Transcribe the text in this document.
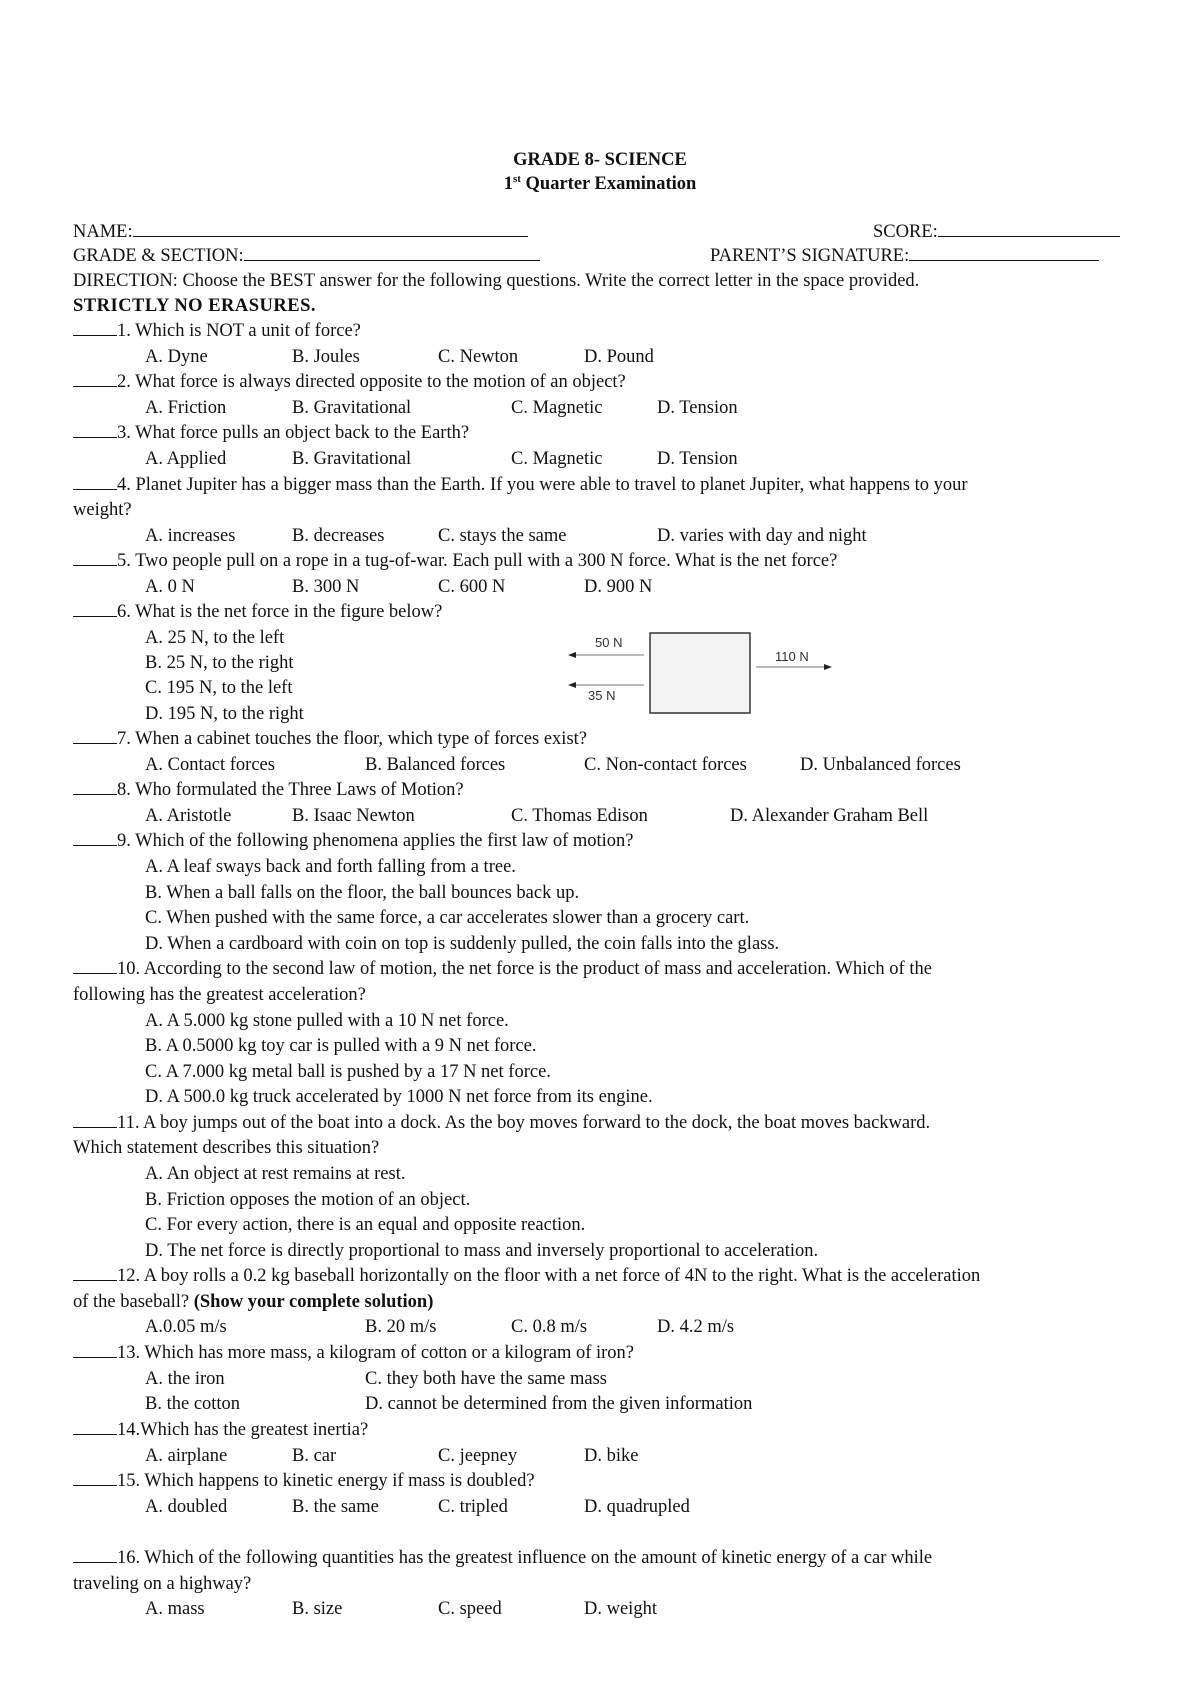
GRADE 8- SCIENCE
1st Quarter Examination
NAME:	SCORE:
GRADE & SECTION:	PARENT’S SIGNATURE:
DIRECTION: Choose the BEST answer for the following questions. Write the correct letter in the space provided.
STRICTLY NO ERASURES.
1. Which is NOT a unit of force?
A. Dyne	B. Joules	C. Newton	D. Pound
2. What force is always directed opposite to the motion of an object?
A. Friction	B. Gravitational	C. Magnetic	D. Tension
3. What force pulls an object back to the Earth?
A. Applied	B. Gravitational	C. Magnetic	D. Tension
4. Planet Jupiter has a bigger mass than the Earth. If you were able to travel to planet Jupiter, what happens to your
weight?
A. increases	B. decreases	C. stays the same	D. varies with day and night
5. Two people pull on a rope in a tug-of-war. Each pull with a 300 N force. What is the net force?
A. 0 N	B. 300 N	C. 600 N	D. 900 N
6. What is the net force in the figure below?
A. 25 N, to the left
B. 25 N, to the right
C. 195 N, to the left
D. 195 N, to the right
50 N
35 N
110 N
7. When a cabinet touches the floor, which type of forces exist?
A. Contact forces	B. Balanced forces	C. Non-contact forces	D. Unbalanced forces
8. Who formulated the Three Laws of Motion?
A. Aristotle	B. Isaac Newton	C. Thomas Edison	D. Alexander Graham Bell
9. Which of the following phenomena applies the first law of motion?
A. A leaf sways back and forth falling from a tree.
B. When a ball falls on the floor, the ball bounces back up.
C. When pushed with the same force, a car accelerates slower than a grocery cart.
D. When a cardboard with coin on top is suddenly pulled, the coin falls into the glass.
10. According to the second law of motion, the net force is the product of mass and acceleration. Which of the
following has the greatest acceleration?
A. A 5.000 kg stone pulled with a 10 N net force.
B. A 0.5000 kg toy car is pulled with a 9 N net force.
C. A 7.000 kg metal ball is pushed by a 17 N net force.
D. A 500.0 kg truck accelerated by 1000 N net force from its engine.
11. A boy jumps out of the boat into a dock. As the boy moves forward to the dock, the boat moves backward.
Which statement describes this situation?
A. An object at rest remains at rest.
B. Friction opposes the motion of an object.
C. For every action, there is an equal and opposite reaction.
D. The net force is directly proportional to mass and inversely proportional to acceleration.
12. A boy rolls a 0.2 kg baseball horizontally on the floor with a net force of 4N to the right. What is the acceleration
of the baseball? (Show your complete solution)
A.0.05 m/s	B. 20 m/s	C. 0.8 m/s	D. 4.2 m/s
13. Which has more mass, a kilogram of cotton or a kilogram of iron?
A. the iron	C. they both have the same mass
B. the cotton	D. cannot be determined from the given information
14.Which has the greatest inertia?
A. airplane	B. car	C. jeepney	D. bike
15. Which happens to kinetic energy if mass is doubled?
A. doubled	B. the same	C. tripled	D. quadrupled
16. Which of the following quantities has the greatest influence on the amount of kinetic energy of a car while
traveling on a highway?
A. mass	B. size	C. speed	D. weight
